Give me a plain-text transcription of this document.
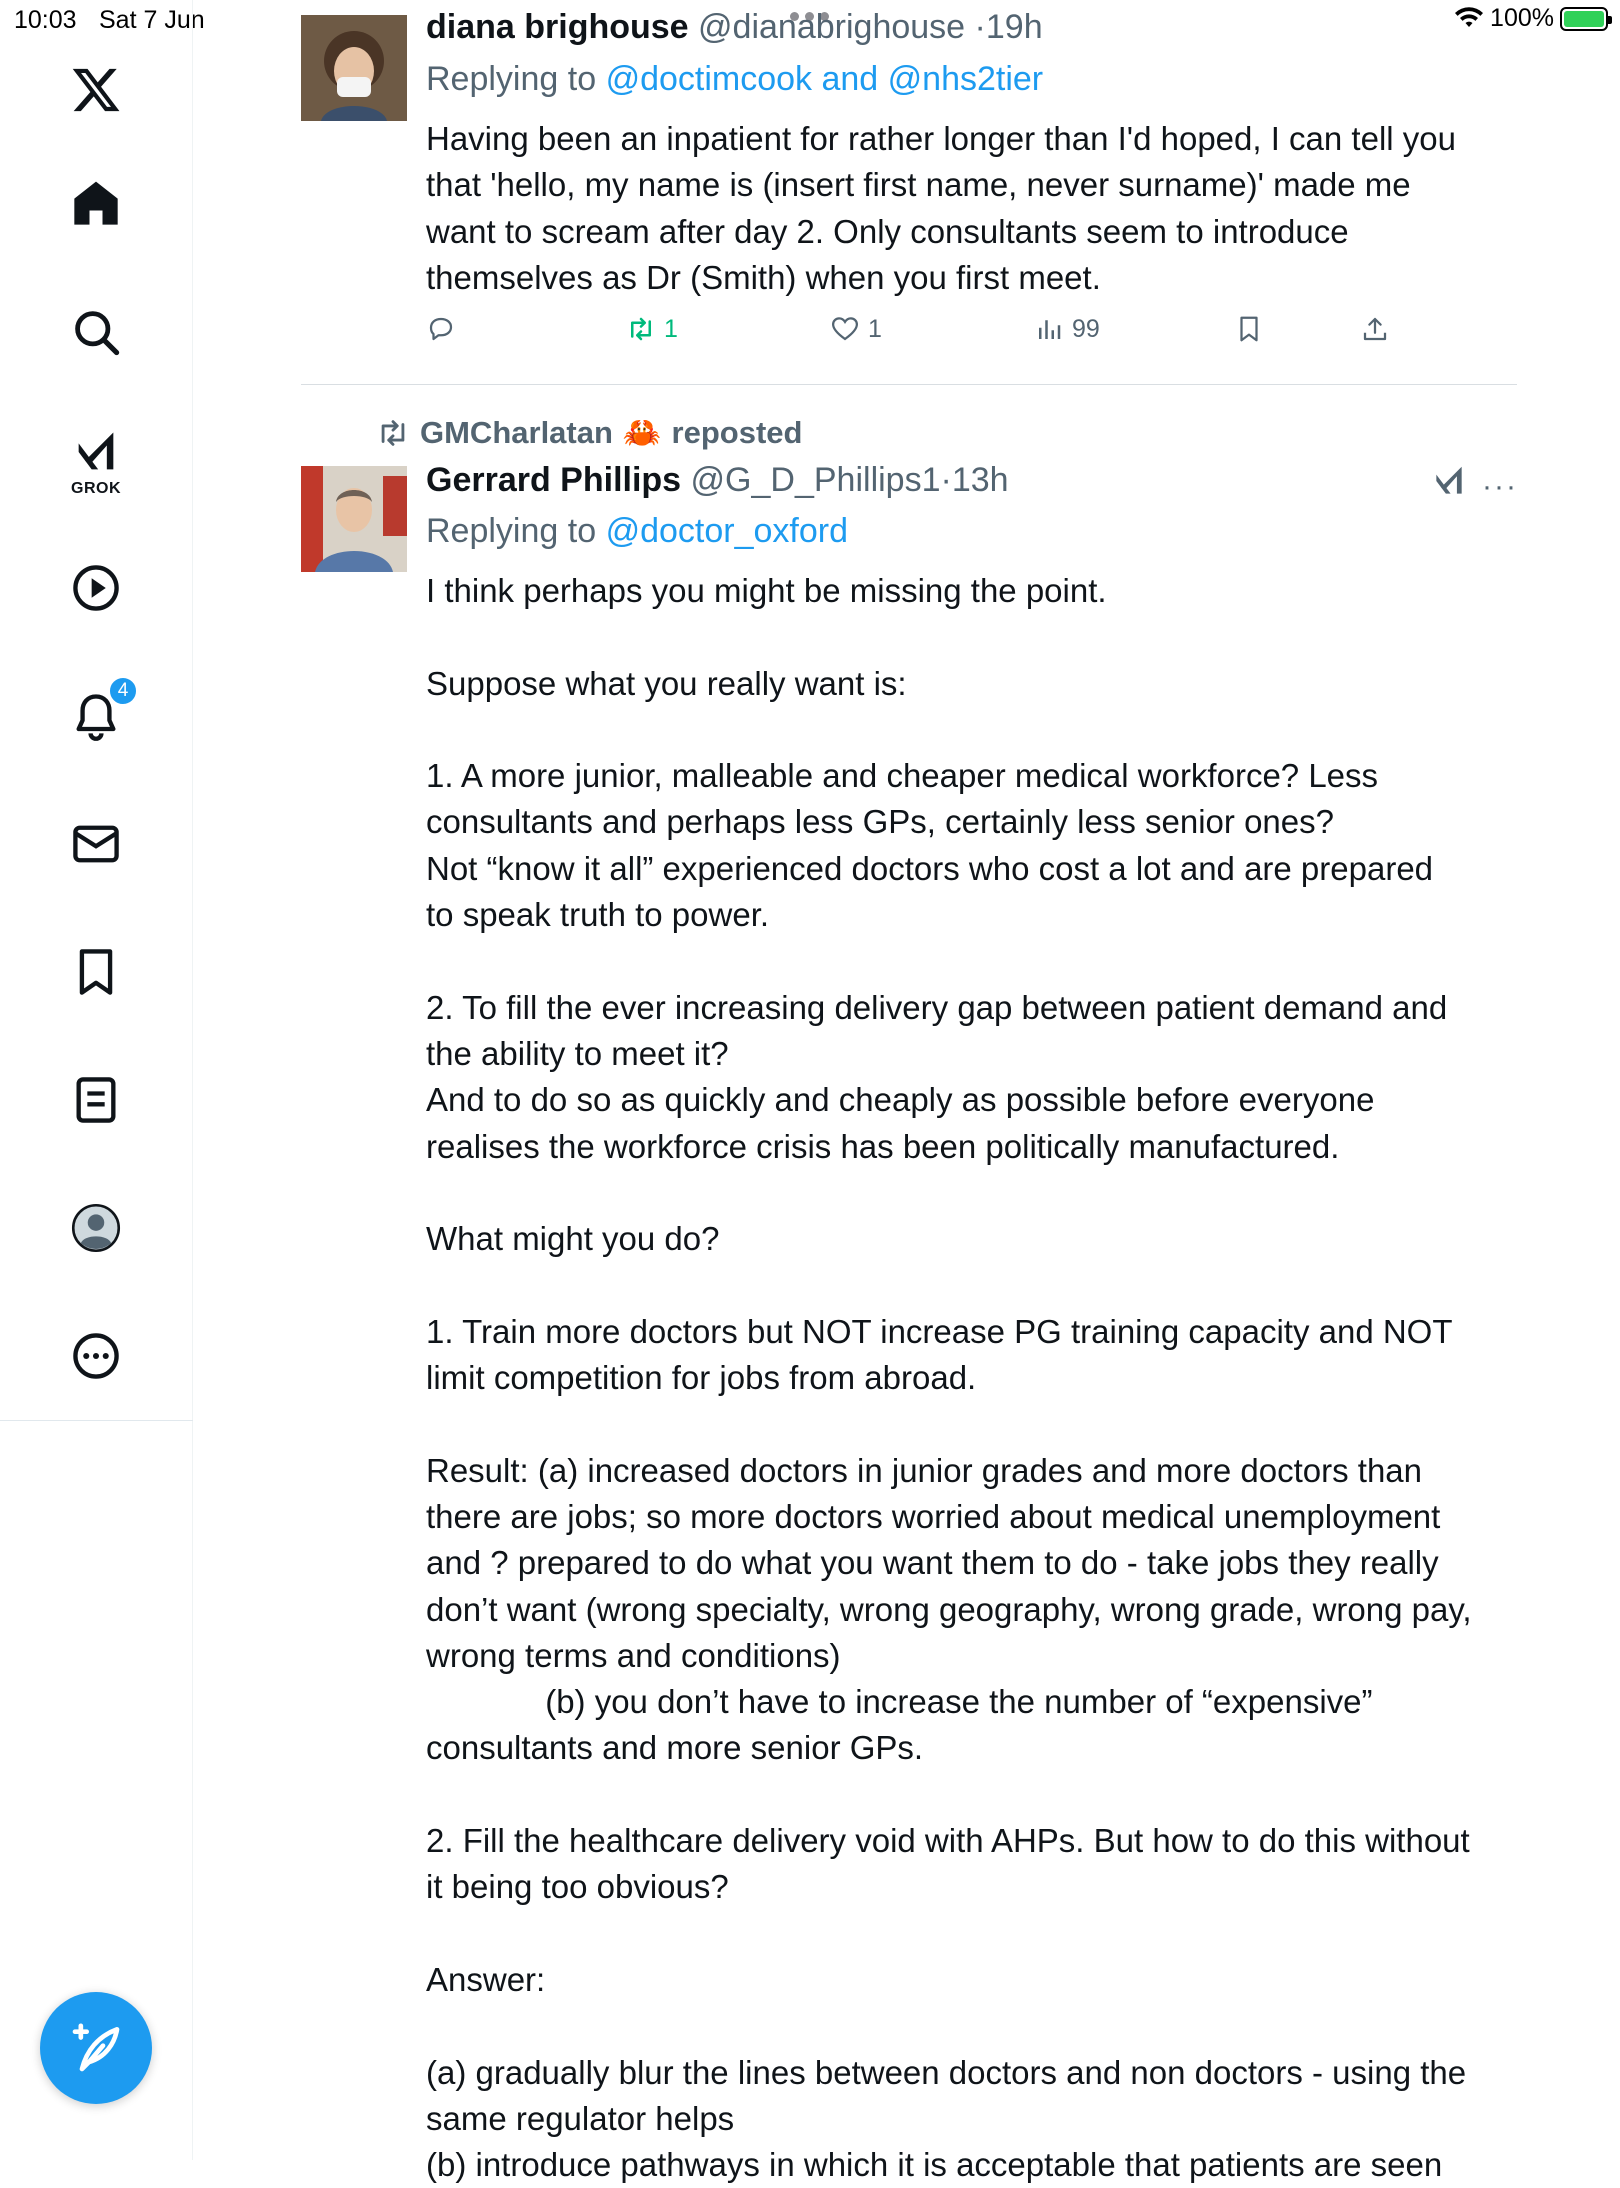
10:03 Sat 7 Jun	100%
GROK
4
diana brighouse @dianabrighouse ·19h
Replying to @doctimcook and @nhs2tier
Having been an inpatient for rather longer than I'd hoped, I can tell you
that 'hello, my name is (insert first name, never surname)' made me
want to scream after day 2. Only consultants seem to introduce
themselves as Dr (Smith) when you first meet.
1	1	99
GMCharlatan 🦀 reposted
Gerrard Phillips @G_D_Phillips1·13h	···
Replying to @doctor_oxford
I think perhaps you might be missing the point.

Suppose what you really want is:

1. A more junior, malleable and cheaper medical workforce? Less
consultants and perhaps less GPs, certainly less senior ones?
Not “know it all” experienced doctors who cost a lot and are prepared
to speak truth to power.

2. To fill the ever increasing delivery gap between patient demand and
the ability to meet it?
And to do so as quickly and cheaply as possible before everyone
realises the workforce crisis has been politically manufactured.

What might you do?

1. Train more doctors but NOT increase PG training capacity and NOT
limit competition for jobs from abroad.

Result: (a) increased doctors in junior grades and more doctors than
there are jobs; so more doctors worried about medical unemployment
and ? prepared to do what you want them to do - take jobs they really
don’t want (wrong specialty, wrong geography, wrong grade, wrong pay,
wrong terms and conditions)
(b) you don’t have to increase the number of “expensive”
consultants and more senior GPs.

2. Fill the healthcare delivery void with AHPs. But how to do this without
it being too obvious?

Answer:

(a) gradually blur the lines between doctors and non doctors - using the
same regulator helps
(b) introduce pathways in which it is acceptable that patients are seen
